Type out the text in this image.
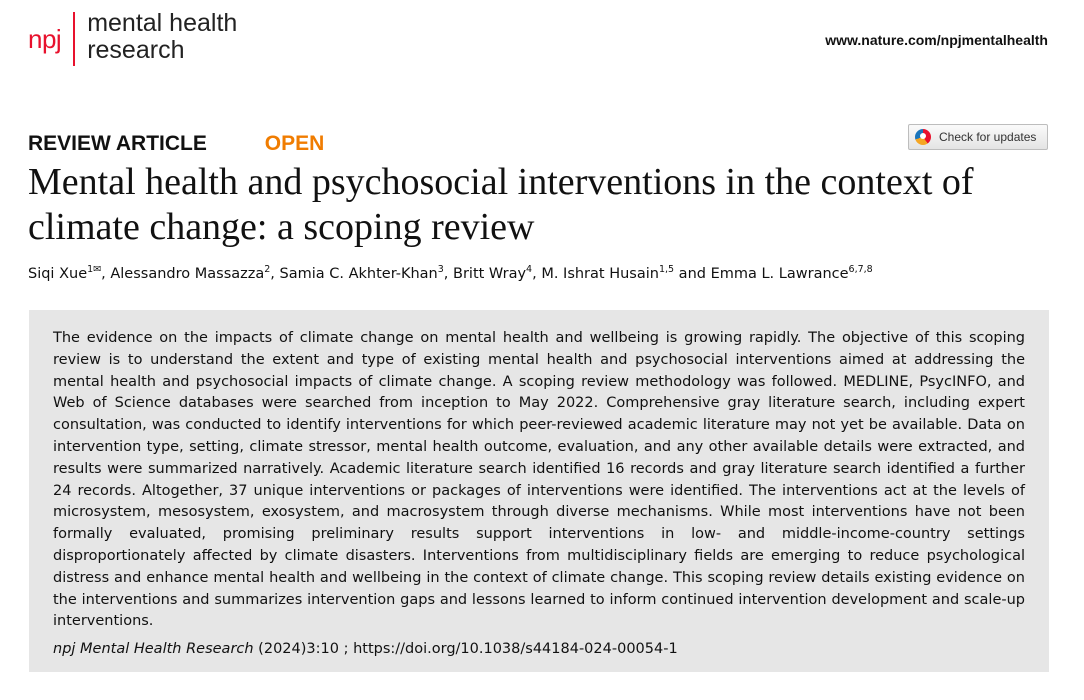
npj
mental health
research	www.nature.com/npjmentalhealth
REVIEW ARTICLE	OPEN	Check for updates
Mental health and psychosocial interventions in the context of climate change: a scoping review
Siqi Xue$^{1✉}$, Alessandro Massazza$^2$, Samia C. Akhter-Khan$^3$, Britt Wray$^4$, M. Ishrat Husain$^{1,5}$ and Emma L. Lawrance$^{6,7,8}$

The evidence on the impacts of climate change on mental health and wellbeing is growing rapidly. The objective of this scoping review is to understand the extent and type of existing mental health and psychosocial interventions aimed at addressing the mental health and psychosocial impacts of climate change. A scoping review methodology was followed. MEDLINE, PsycINFO, and Web of Science databases were searched from inception to May 2022. Comprehensive gray literature search, including expert consultation, was conducted to identify interventions for which peer-reviewed academic literature may not yet be available. Data on intervention type, setting, climate stressor, mental health outcome, evaluation, and any other available details were extracted, and results were summarized narratively. Academic literature search identified 16 records and gray literature search identified a further 24 records. Altogether, 37 unique interventions or packages of interventions were identified. The interventions act at the levels of microsystem, mesosystem, exosystem, and macrosystem through diverse mechanisms. While most interventions have not been formally evaluated, promising preliminary results support interventions in low- and middle-income-country settings disproportionately affected by climate disasters. Interventions from multidisciplinary fields are emerging to reduce psychological distress and enhance mental health and wellbeing in the context of climate change. This scoping review details existing evidence on the interventions and summarizes intervention gaps and lessons learned to inform continued intervention development and scale-up interventions.

npj Mental Health Research (2024)3:10 ; https://doi.org/10.1038/s44184-024-00054-1
